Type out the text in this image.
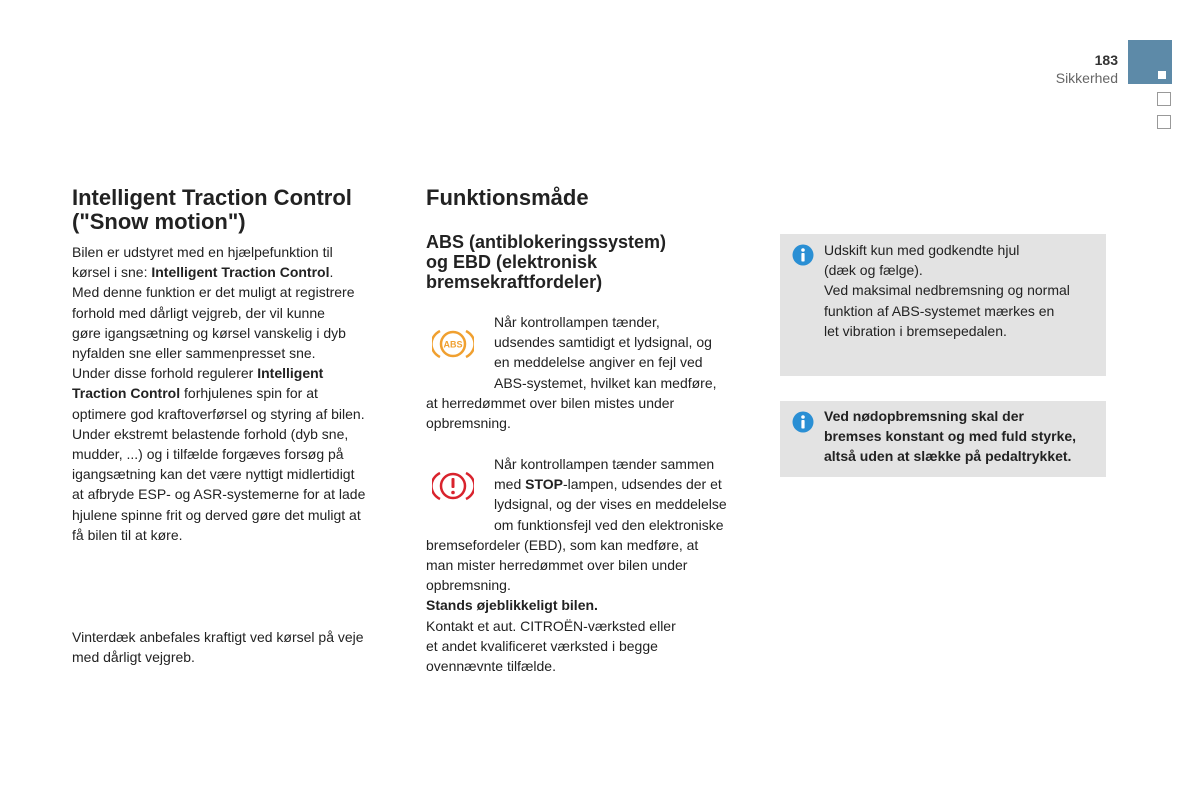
183
Sikkerhed
Intelligent Traction Control
("Snow motion")
Bilen er udstyret med en hjælpefunktion til
kørsel i sne: Intelligent Traction Control.
Med denne funktion er det muligt at registrere
forhold med dårligt vejgreb, der vil kunne
gøre igangsætning og kørsel vanskelig i dyb
nyfalden sne eller sammenpresset sne.
Under disse forhold regulerer Intelligent
Traction Control forhjulenes spin for at
optimere god kraftoverførsel og styring af bilen.
Under ekstremt belastende forhold (dyb sne,
mudder, ...) og i tilfælde forgæves forsøg på
igangsætning kan det være nyttigt midlertidigt
at afbryde ESP- og ASR-systemerne for at lade
hjulene spinne frit og derved gøre det muligt at
få bilen til at køre.
Vinterdæk anbefales kraftigt ved kørsel på veje
med dårligt vejgreb.
Funktionsmåde
ABS (antiblokeringssystem)
og EBD (elektronisk
bremsekraftfordeler)
ABS
Når kontrollampen tænder,
udsendes samtidigt et lydsignal, og
en meddelelse angiver en fejl ved
ABS-systemet, hvilket kan medføre,
at herredømmet over bilen mistes under
opbremsning.
Når kontrollampen tænder sammen
med STOP-lampen, udsendes der et
lydsignal, og der vises en meddelelse
om funktionsfejl ved den elektroniske
bremsefordeler (EBD), som kan medføre, at
man mister herredømmet over bilen under
opbremsning.
Stands øjeblikkeligt bilen.
Kontakt et aut. CITROËN-værksted eller
et andet kvalificeret værksted i begge
ovennævnte tilfælde.
Udskift kun med godkendte hjul
(dæk og fælge).
Ved maksimal nedbremsning og normal
funktion af ABS-systemet mærkes en
let vibration i bremsepedalen.
Ved nødopbremsning skal der
bremses konstant og med fuld styrke,
altså uden at slække på pedaltrykket.
